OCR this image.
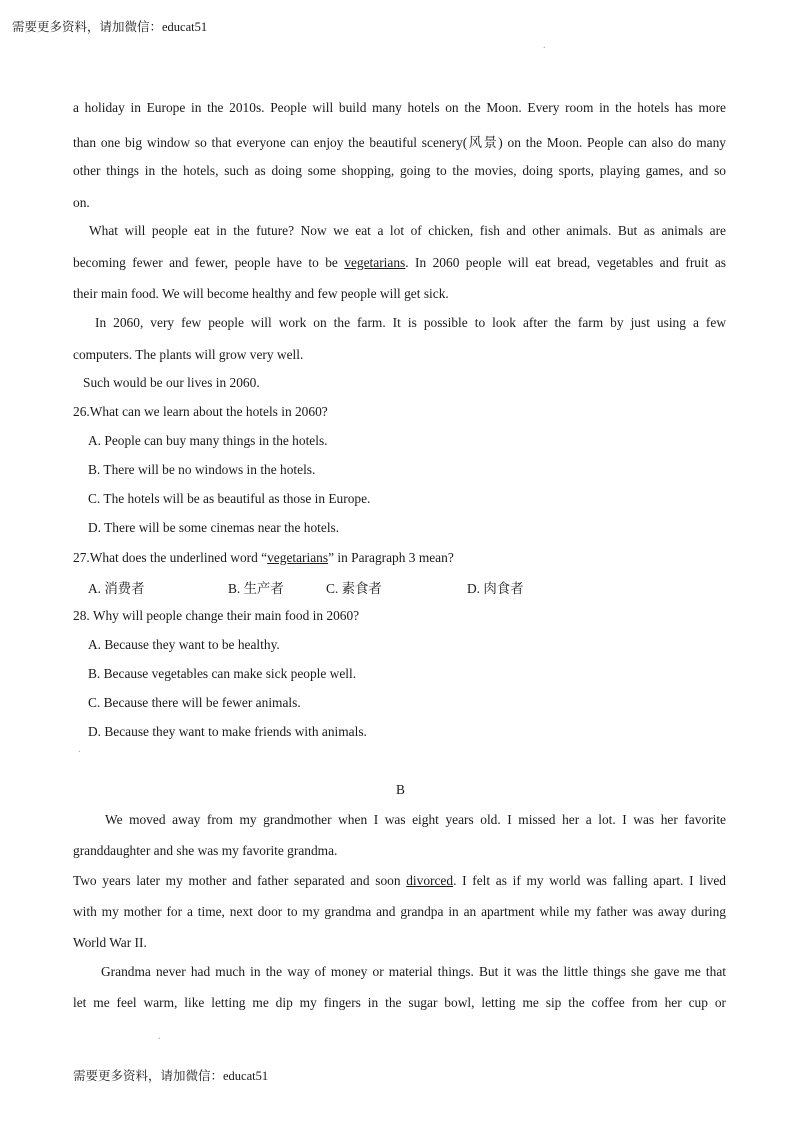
需要更多资料，请加微信：educat51
.
a holiday in Europe in the 2010s. People will build many hotels on the Moon. Every room in the hotels has more
than one big window so that everyone can enjoy the beautiful scenery(风景) on the Moon. People can also do many
other things in the hotels, such as doing some shopping, going to the movies, doing sports, playing games, and so
on.
What will people eat in the future? Now we eat a lot of chicken, fish and other animals. But as animals are
becoming fewer and fewer, people have to be vegetarians. In 2060 people will eat bread, vegetables and fruit as
their main food. We will become healthy and few people will get sick.
In 2060, very few people will work on the farm. It is possible to look after the farm by just using a few
computers. The plants will grow very well.
Such would be our lives in 2060.
26.What can we learn about the hotels in 2060?
A. People can buy many things in the hotels.
B. There will be no windows in the hotels.
C. The hotels will be as beautiful as those in Europe.
D. There will be some cinemas near the hotels.
27.What does the underlined word “vegetarians” in Paragraph 3 mean?
A. 消费者	B. 生产者	C. 素食者	D. 肉食者
28. Why will people change their main food in 2060?
A. Because they want to be healthy.
B. Because vegetables can make sick people well.
C. Because there will be fewer animals.
D. Because they want to make friends with animals.
.
B
We moved away from my grandmother when I was eight years old. I missed her a lot. I was her favorite
granddaughter and she was my favorite grandma.
Two years later my mother and father separated and soon divorced. I felt as if my world was falling apart. I lived
with my mother for a time, next door to my grandma and grandpa in an apartment while my father was away during
World War II.
Grandma never had much in the way of money or material things. But it was the little things she gave me that
let me feel warm, like letting me dip my fingers in the sugar bowl, letting me sip the coffee from her cup or
.
需要更多资料，请加微信：educat51
